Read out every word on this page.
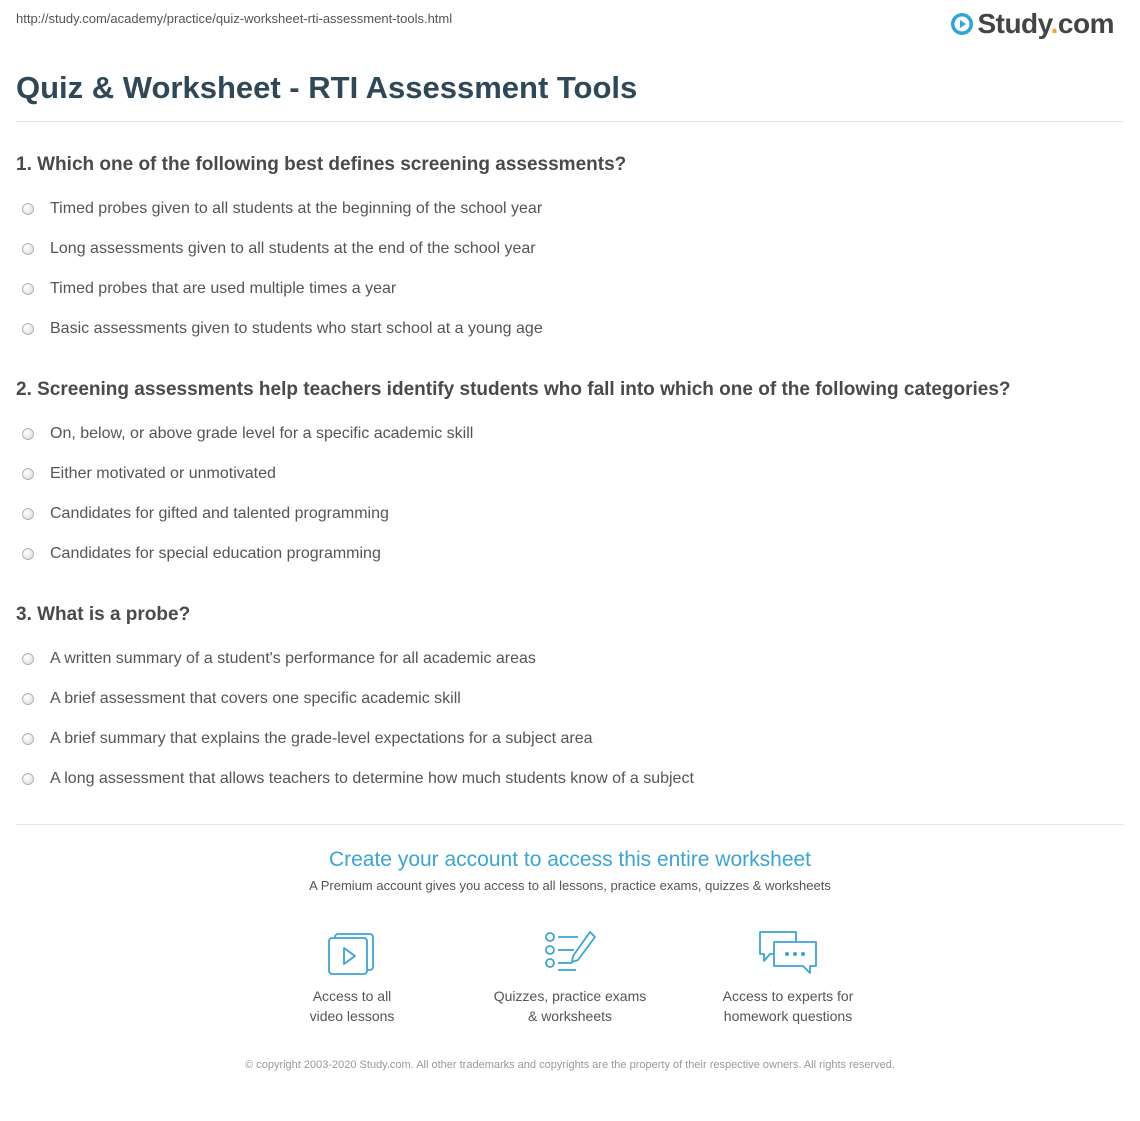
http://study.com/academy/practice/quiz-worksheet-rti-assessment-tools.html	Study.com
Quiz & Worksheet - RTI Assessment Tools

1. Which one of the following best defines screening assessments?

Timed probes given to all students at the beginning of the school year
Long assessments given to all students at the end of the school year
Timed probes that are used multiple times a year
Basic assessments given to students who start school at a young age

2. Screening assessments help teachers identify students who fall into which one of the following categories?

On, below, or above grade level for a specific academic skill
Either motivated or unmotivated
Candidates for gifted and talented programming
Candidates for special education programming

3. What is a probe?

A written summary of a student's performance for all academic areas
A brief assessment that covers one specific academic skill
A brief summary that explains the grade-level expectations for a subject area
A long assessment that allows teachers to determine how much students know of a subject

Create your account to access this entire worksheet

A Premium account gives you access to all lessons, practice exams, quizzes & worksheets
Access to all
video lessons
Quizzes, practice exams
& worksheets
Access to experts for
homework questions
© copyright 2003-2020 Study.com. All other trademarks and copyrights are the property of their respective owners. All rights reserved.
